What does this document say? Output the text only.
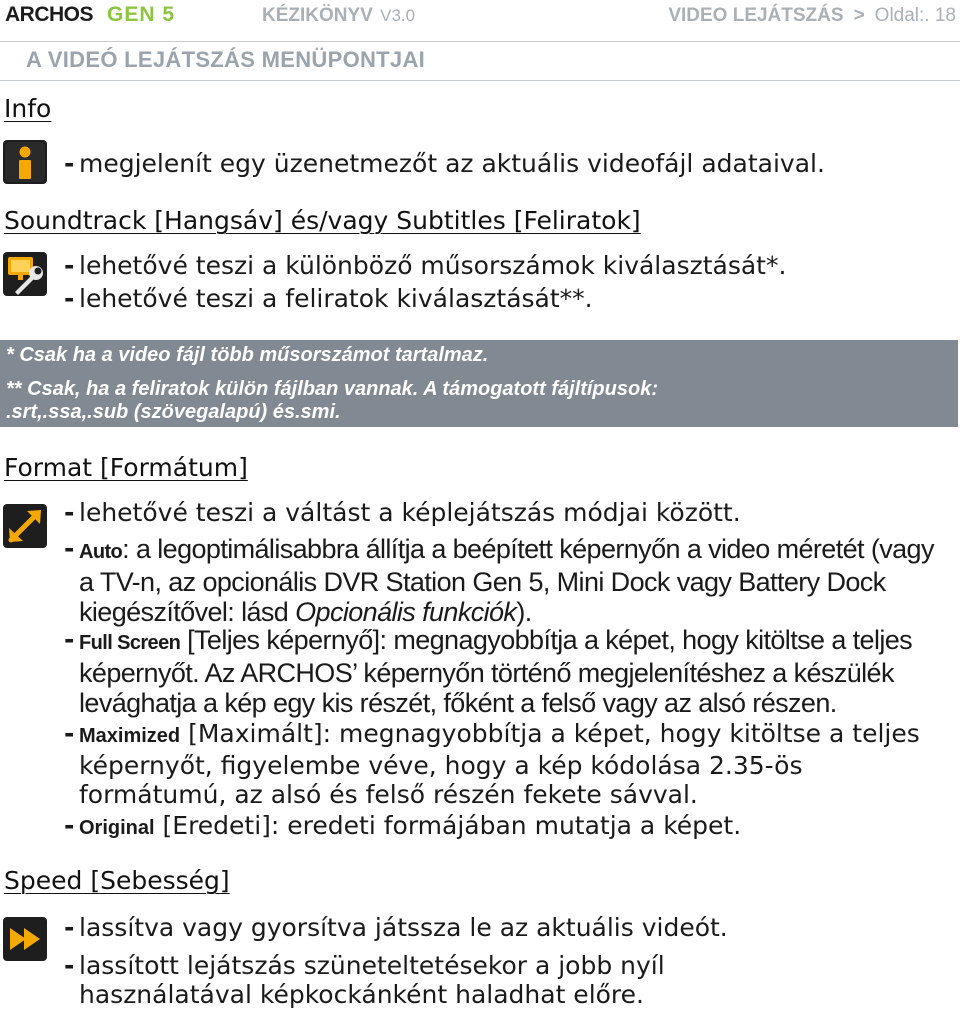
ARCHOS GEN 5	KÉZIKÖNYV V3.0	VIDEO LEJÁTSZÁS > Oldal:. 18
A VIDEÓ LEJÁTSZÁS MENÜPONTJAI
Info
- megjelenít egy üzenetmezőt az aktuális videofájl adataival.
Soundtrack [Hangsáv] és/vagy Subtitles [Feliratok]
- lehetővé teszi a különböző műsorszámok kiválasztását*.
- lehetővé teszi a feliratok kiválasztását**.
* Csak ha a video fájl több műsorszámot tartalmaz.
** Csak, ha a feliratok külön fájlban vannak. A támogatott fájltípusok:
.srt,.ssa,.sub (szövegalapú) és.smi.
Format [Formátum]
- lehetővé teszi a váltást a képlejátszás módjai között.
- Auto: a legoptimálisabbra állítja a beépített képernyőn a video méretét (vagy a TV-n, az opcionális DVR Station Gen 5, Mini Dock vagy Battery Dock kiegészítővel: lásd Opcionális funkciók).
- Full Screen [Teljes képernyő]: megnagyobbítja a képet, hogy kitöltse a teljes képernyőt. Az ARCHOS’ képernyőn történő megjelenítéshez a készülék levághatja a kép egy kis részét, főként a felső vagy az alsó részen.
- Maximized [Maximált]: megnagyobbítja a képet, hogy kitöltse a teljes képernyőt, figyelembe véve, hogy a kép kódolása 2.35-ös formátumú, az alsó és felső részén fekete sávval.
- Original [Eredeti]: eredeti formájában mutatja a képet.
Speed [Sebesség]
- lassítva vagy gyorsítva játssza le az aktuális videót.
- lassított lejátszás szüneteltetésekor a jobb nyíl használatával képkockánként haladhat előre.
